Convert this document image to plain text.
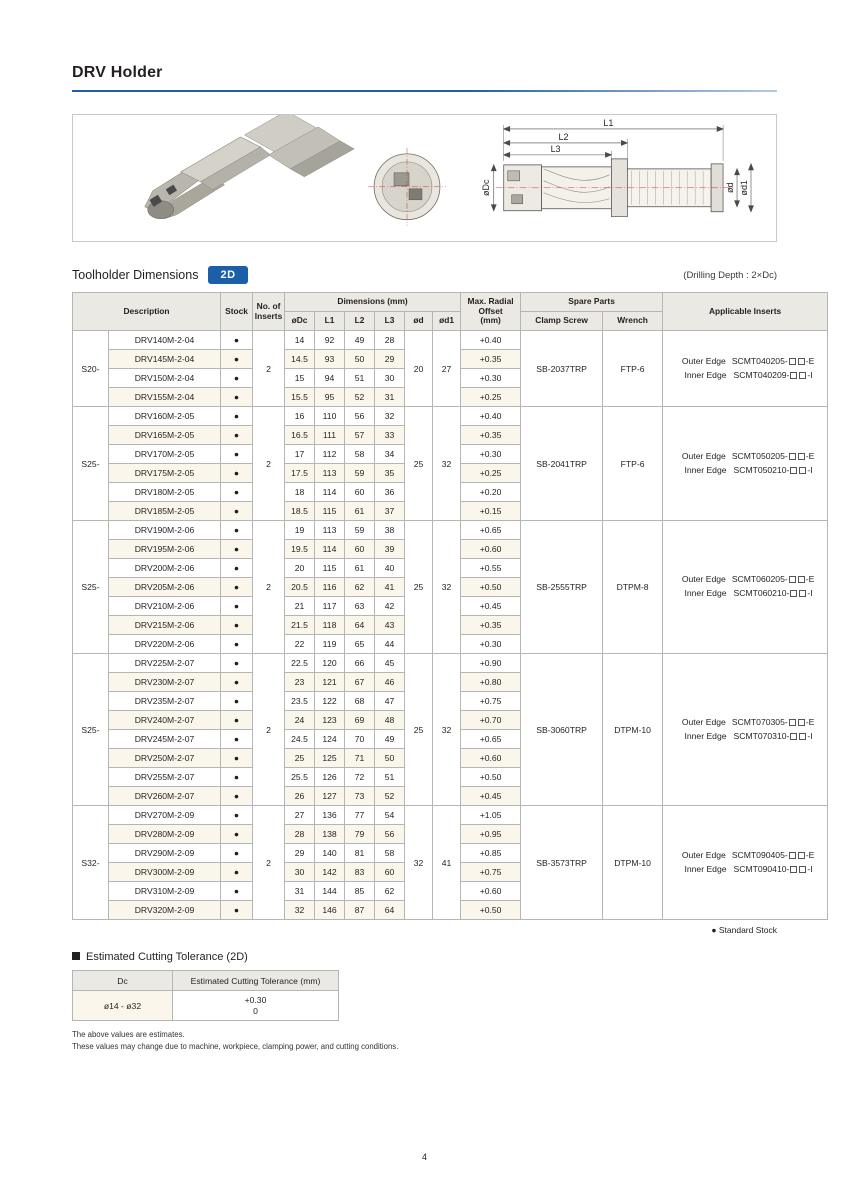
DRV Holder
L1
L2
L3
øDc	ød ød1
Toolholder Dimensions	2D	(Drilling Depth : 2×Dc)
Description		Stock	No. of
Inserts	Dimensions (mm)						Max. Radial
Offset
(mm)	Spare Parts		Applicable Inserts
				øDc	L1	L2	L3	ød	ød1		Clamp Screw	Wrench	
S20-	DRV140M-2-04	●	2	14	92	49	28	20	27	+0.40	SB-2037TRP	FTP-6	Outer Edge SCMT040205- -E
Inner Edge SCMT040209- -I

	DRV145M-2-04	●		14.5	93	50	29			+0.35			
	DRV150M-2-04	●		15	94	51	30			+0.30			
	DRV155M-2-04	●		15.5	95	52	31			+0.25			
S25-	DRV160M-2-05	●	2	16	110	56	32	25	32	+0.40	SB-2041TRP	FTP-6	Outer Edge SCMT050205- -E
Inner Edge SCMT050210- -I

	DRV165M-2-05	●		16.5	111	57	33			+0.35			
	DRV170M-2-05	●		17	112	58	34			+0.30			
	DRV175M-2-05	●		17.5	113	59	35			+0.25			
	DRV180M-2-05	●		18	114	60	36			+0.20			
	DRV185M-2-05	●		18.5	115	61	37			+0.15			
S25-	DRV190M-2-06	●	2	19	113	59	38	25	32	+0.65	SB-2555TRP	DTPM-8	Outer Edge SCMT060205- -E
Inner Edge SCMT060210- -I

	DRV195M-2-06	●		19.5	114	60	39			+0.60			
	DRV200M-2-06	●		20	115	61	40			+0.55			
	DRV205M-2-06	●		20.5	116	62	41			+0.50			
	DRV210M-2-06	●		21	117	63	42			+0.45			
	DRV215M-2-06	●		21.5	118	64	43			+0.35			
	DRV220M-2-06	●		22	119	65	44			+0.30			
S25-	DRV225M-2-07	●	2	22.5	120	66	45	25	32	+0.90	SB-3060TRP	DTPM-10	Outer Edge SCMT070305- -E
Inner Edge SCMT070310- -I

	DRV230M-2-07	●		23	121	67	46			+0.80			
	DRV235M-2-07	●		23.5	122	68	47			+0.75			
	DRV240M-2-07	●		24	123	69	48			+0.70			
	DRV245M-2-07	●		24.5	124	70	49			+0.65			
	DRV250M-2-07	●		25	125	71	50			+0.60			
	DRV255M-2-07	●		25.5	126	72	51			+0.50			
	DRV260M-2-07	●		26	127	73	52			+0.45			
S32-	DRV270M-2-09	●	2	27	136	77	54	32	41	+1.05	SB-3573TRP	DTPM-10	Outer Edge SCMT090405- -E
Inner Edge SCMT090410- -I

	DRV280M-2-09	●		28	138	79	56			+0.95			
	DRV290M-2-09	●		29	140	81	58			+0.85			
	DRV300M-2-09	●		30	142	83	60			+0.75			
	DRV310M-2-09	●		31	144	85	62			+0.60			
	DRV320M-2-09	●		32	146	87	64			+0.50			
● Standard Stock
Estimated Cutting Tolerance (2D)
Dc	Estimated Cutting Tolerance (mm)
ø14 - ø32	+0.30
0
The above values are estimates.
These values may change due to machine, workpiece, clamping power, and cutting conditions.
4
